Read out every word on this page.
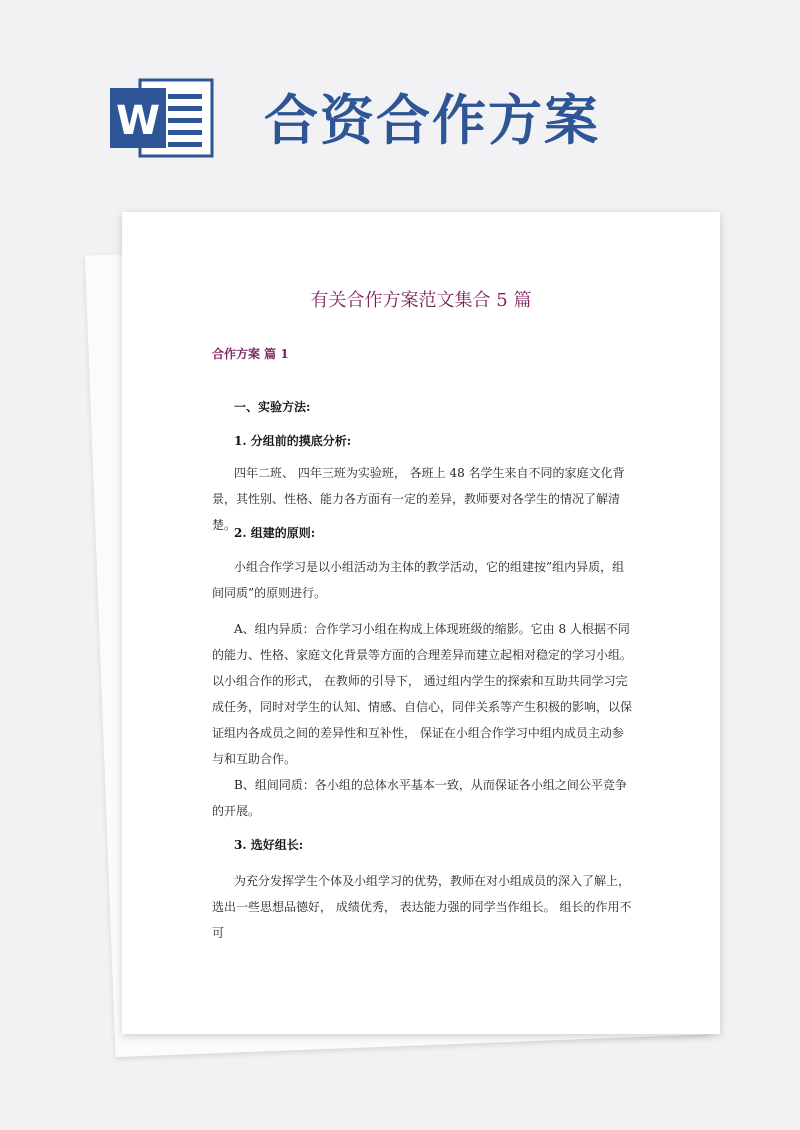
W 合资合作方案
有关合作方案范文集合 5 篇
合作方案 篇 1
一、实验方法:
1. 分组前的摸底分析:

四年二班、 四年三班为实验班， 各班上 48 名学生来自不同的家庭文化背景，其性别、性格、能力各方面有一定的差异，教师要对各学生的情况了解清楚。

2. 组建的原则:

小组合作学习是以小组活动为主体的教学活动，它的组建按”组内异质，组间同质”的原则进行。

A、组内异质：合作学习小组在构成上体现班级的缩影。它由 8 人根据不同的能力、性格、家庭文化背景等方面的合理差异而建立起相对稳定的学习小组。以小组合作的形式， 在教师的引导下， 通过组内学生的探索和互助共同学习完成任务，同时对学生的认知、情感、自信心，同伴关系等产生积极的影响，以保证组内各成员之间的差异性和互补性， 保证在小组合作学习中组内成员主动参与和互助合作。

B、组间同质：各小组的总体水平基本一致，从而保证各小组之间公平竞争的开展。

3. 选好组长:

为充分发挥学生个体及小组学习的优势，教师在对小组成员的深入了解上，选出一些思想品德好， 成绩优秀， 表达能力强的同学当作组长。 组长的作用不可
